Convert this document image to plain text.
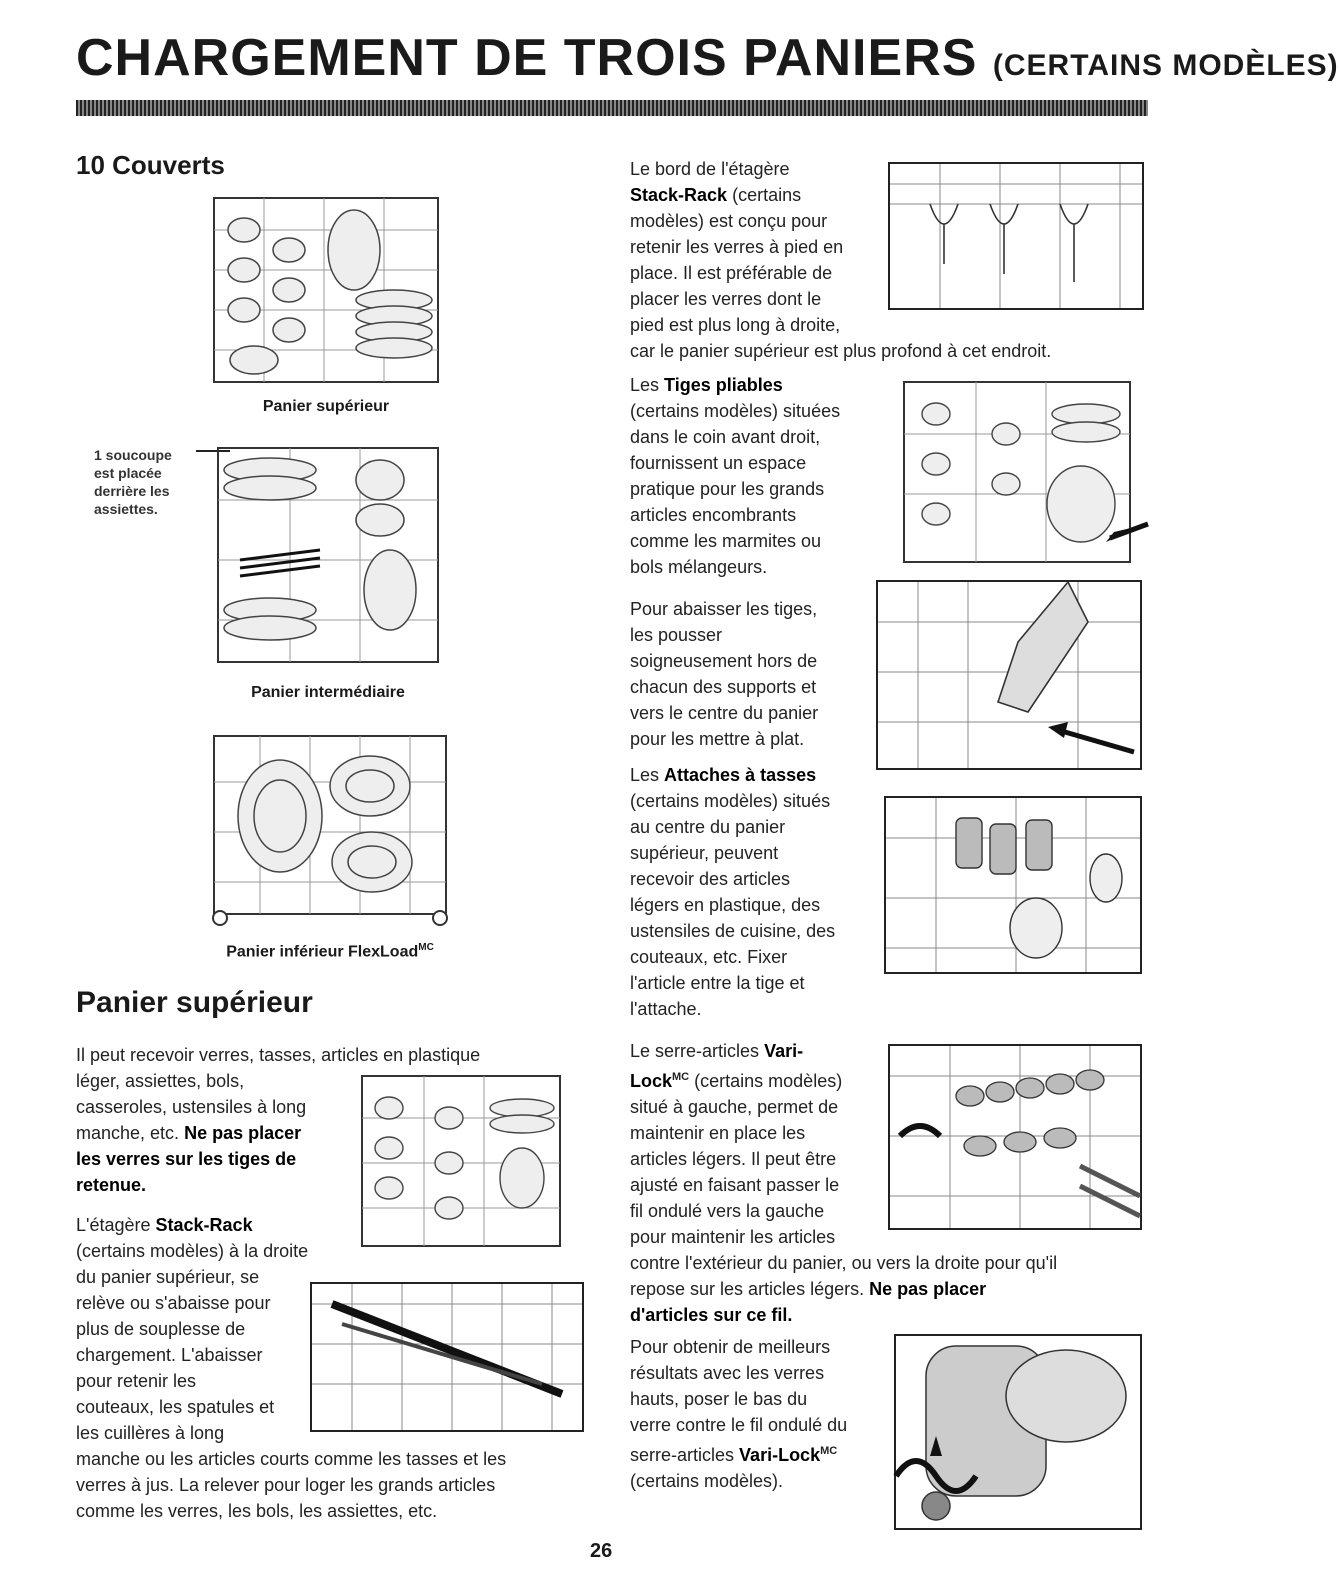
CHARGEMENT DE TROIS PANIERS (CERTAINS MODÈLES)
10 Couverts
Panier supérieur
1 soucoupe
est placée
derrière les
assiettes.
Panier intermédiaire
Panier inférieur FlexLoad$^{MC}$
Panier supérieur
Il peut recevoir verres, tasses, articles en plastique
léger, assiettes, bols,
casseroles, ustensiles à long
manche, etc. Ne pas placer
les verres sur les tiges de
retenue.
L'étagère Stack-Rack
(certains modèles) à la droite
du panier supérieur, se
relève ou s'abaisse pour
plus de souplesse de
chargement. L'abaisser
pour retenir les
couteaux, les spatules et
les cuillères à long
manche ou les articles courts comme les tasses et les
verres à jus. La relever pour loger les grands articles
comme les verres, les bols, les assiettes, etc.
Le bord de l'étagère
Stack-Rack (certains
modèles) est conçu pour
retenir les verres à pied en
place. Il est préférable de
placer les verres dont le
pied est plus long à droite,
car le panier supérieur est plus profond à cet endroit.
Les Tiges pliables
(certains modèles) situées
dans le coin avant droit,
fournissent un espace
pratique pour les grands
articles encombrants
comme les marmites ou
bols mélangeurs.
Pour abaisser les tiges,
les pousser
soigneusement hors de
chacun des supports et
vers le centre du panier
pour les mettre à plat.
Les Attaches à tasses
(certains modèles) situés
au centre du panier
supérieur, peuvent
recevoir des articles
légers en plastique, des
ustensiles de cuisine, des
couteaux, etc. Fixer
l'article entre la tige et
l'attache.
Le serre-articles Vari-
Lock$^{MC}$ (certains modèles)
situé à gauche, permet de
maintenir en place les
articles légers. Il peut être
ajusté en faisant passer le
fil ondulé vers la gauche
pour maintenir les articles
contre l'extérieur du panier, ou vers la droite pour qu'il
repose sur les articles légers. Ne pas placer
d'articles sur ce fil.
Pour obtenir de meilleurs
résultats avec les verres
hauts, poser le bas du
verre contre le fil ondulé du
serre-articles Vari-Lock$^{MC}$
(certains modèles).
26
